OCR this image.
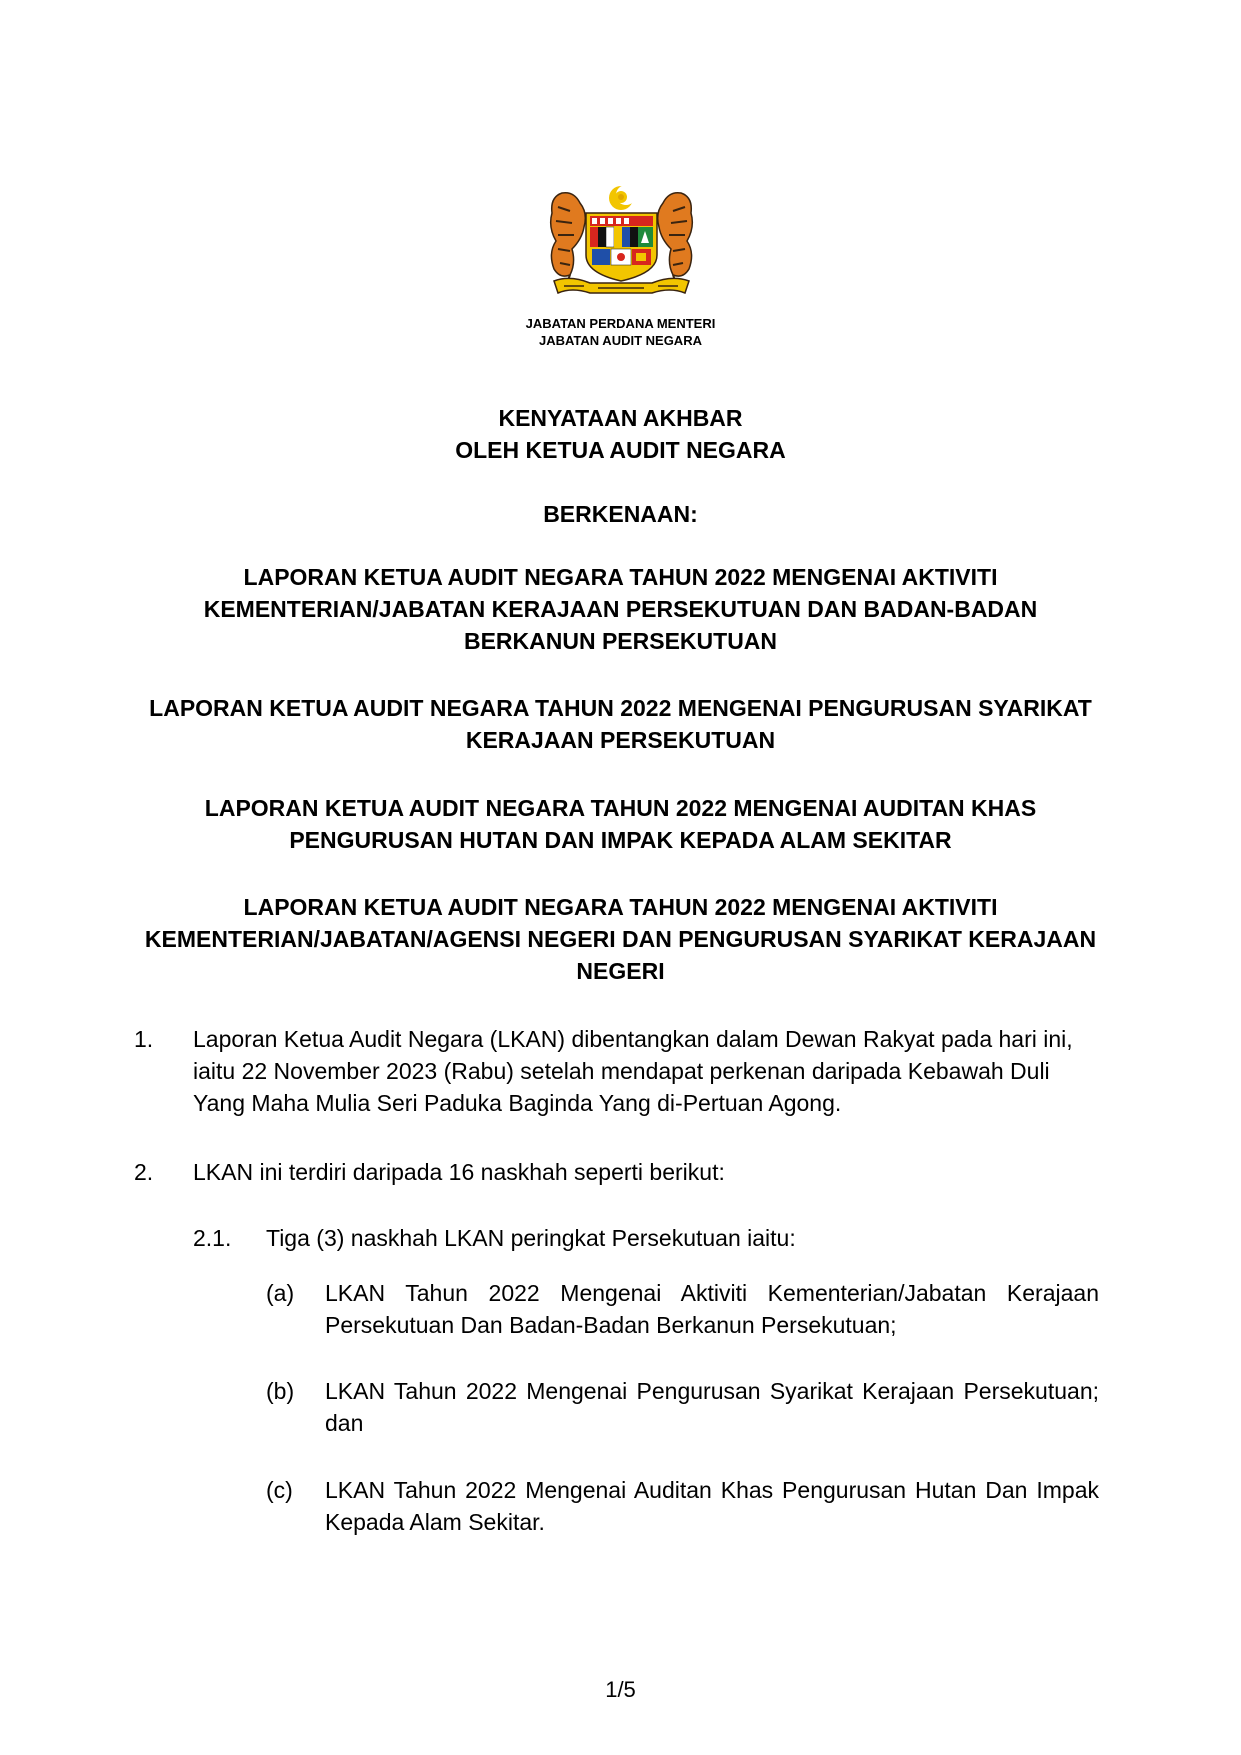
JABATAN PERDANA MENTERI
JABATAN AUDIT NEGARA
KENYATAAN AKHBAR
OLEH KETUA AUDIT NEGARA
BERKENAAN:

LAPORAN KETUA AUDIT NEGARA TAHUN 2022 MENGENAI AKTIVITI KEMENTERIAN/JABATAN KERAJAAN PERSEKUTUAN DAN BADAN-BADAN BERKANUN PERSEKUTUAN

LAPORAN KETUA AUDIT NEGARA TAHUN 2022 MENGENAI PENGURUSAN SYARIKAT KERAJAAN PERSEKUTUAN

LAPORAN KETUA AUDIT NEGARA TAHUN 2022 MENGENAI AUDITAN KHAS PENGURUSAN HUTAN DAN IMPAK KEPADA ALAM SEKITAR

LAPORAN KETUA AUDIT NEGARA TAHUN 2022 MENGENAI AKTIVITI KEMENTERIAN/JABATAN/AGENSI NEGERI DAN PENGURUSAN SYARIKAT KERAJAAN NEGERI

1. Laporan Ketua Audit Negara (LKAN) dibentangkan dalam Dewan Rakyat pada hari ini, iaitu 22 November 2023 (Rabu) setelah mendapat perkenan daripada Kebawah Duli Yang Maha Mulia Seri Paduka Baginda Yang di-Pertuan Agong.

2. LKAN ini terdiri daripada 16 naskhah seperti berikut:

2.1. Tiga (3) naskhah LKAN peringkat Persekutuan iaitu:

(a) LKAN Tahun 2022 Mengenai Aktiviti Kementerian/Jabatan Kerajaan Persekutuan Dan Badan-Badan Berkanun Persekutuan;

(b) LKAN Tahun 2022 Mengenai Pengurusan Syarikat Kerajaan Persekutuan; dan

(c) LKAN Tahun 2022 Mengenai Auditan Khas Pengurusan Hutan Dan Impak Kepada Alam Sekitar.

1/5
